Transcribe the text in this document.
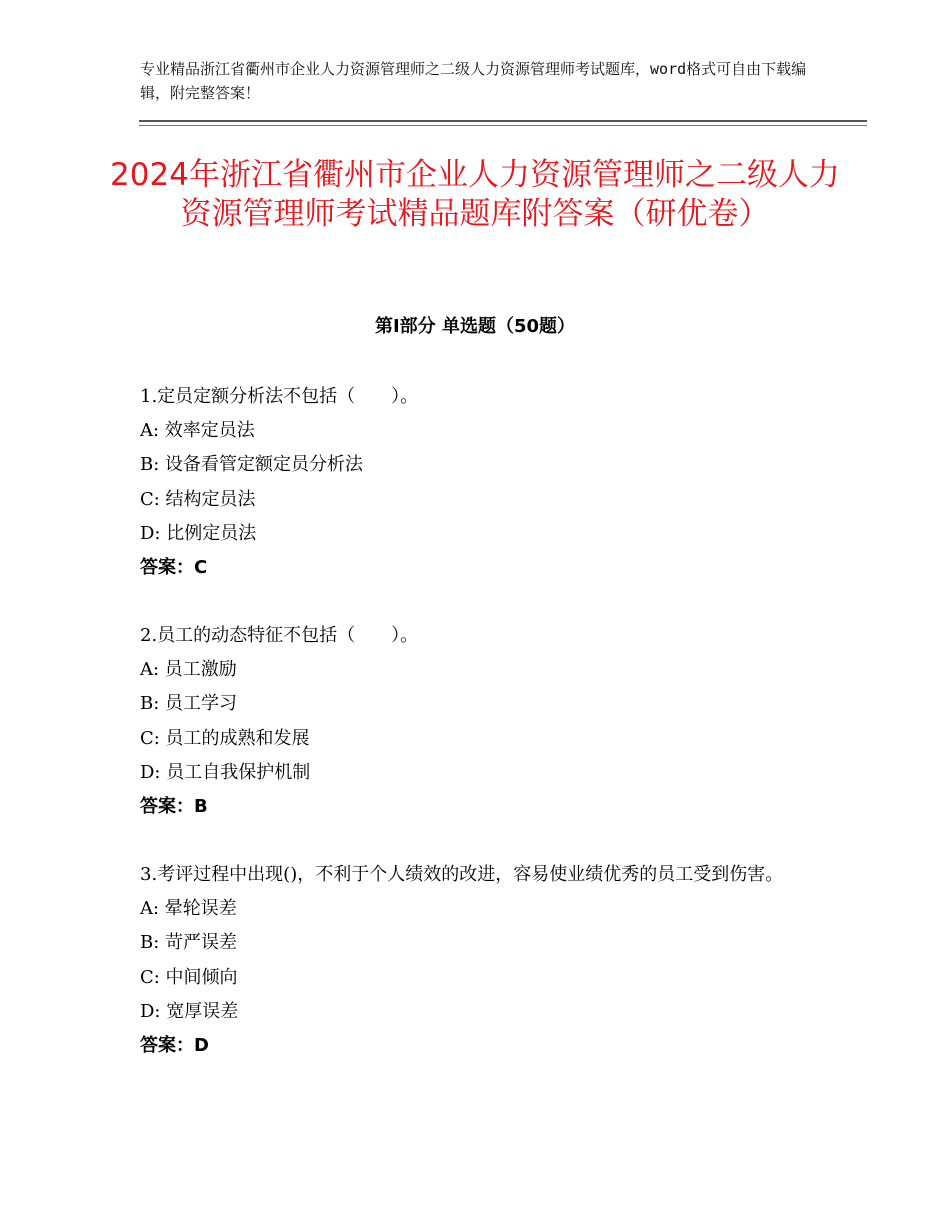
专业精品浙江省衢州市企业人力资源管理师之二级人力资源管理师考试题库，word格式可自由下载编辑，附完整答案！
2024年浙江省衢州市企业人力资源管理师之二级人力资源管理师考试精品题库附答案（研优卷）
第Ⅰ部分 单选题（50题）
1.定员定额分析法不包括（　　）。
A: 效率定员法
B: 设备看管定额定员分析法
C: 结构定员法
D: 比例定员法
答案：C
2.员工的动态特征不包括（　　）。
A: 员工激励
B: 员工学习
C: 员工的成熟和发展
D: 员工自我保护机制
答案：B
3.考评过程中出现()，不利于个人绩效的改进，容易使业绩优秀的员工受到伤害。
A: 晕轮误差
B: 苛严误差
C: 中间倾向
D: 宽厚误差
答案：D
